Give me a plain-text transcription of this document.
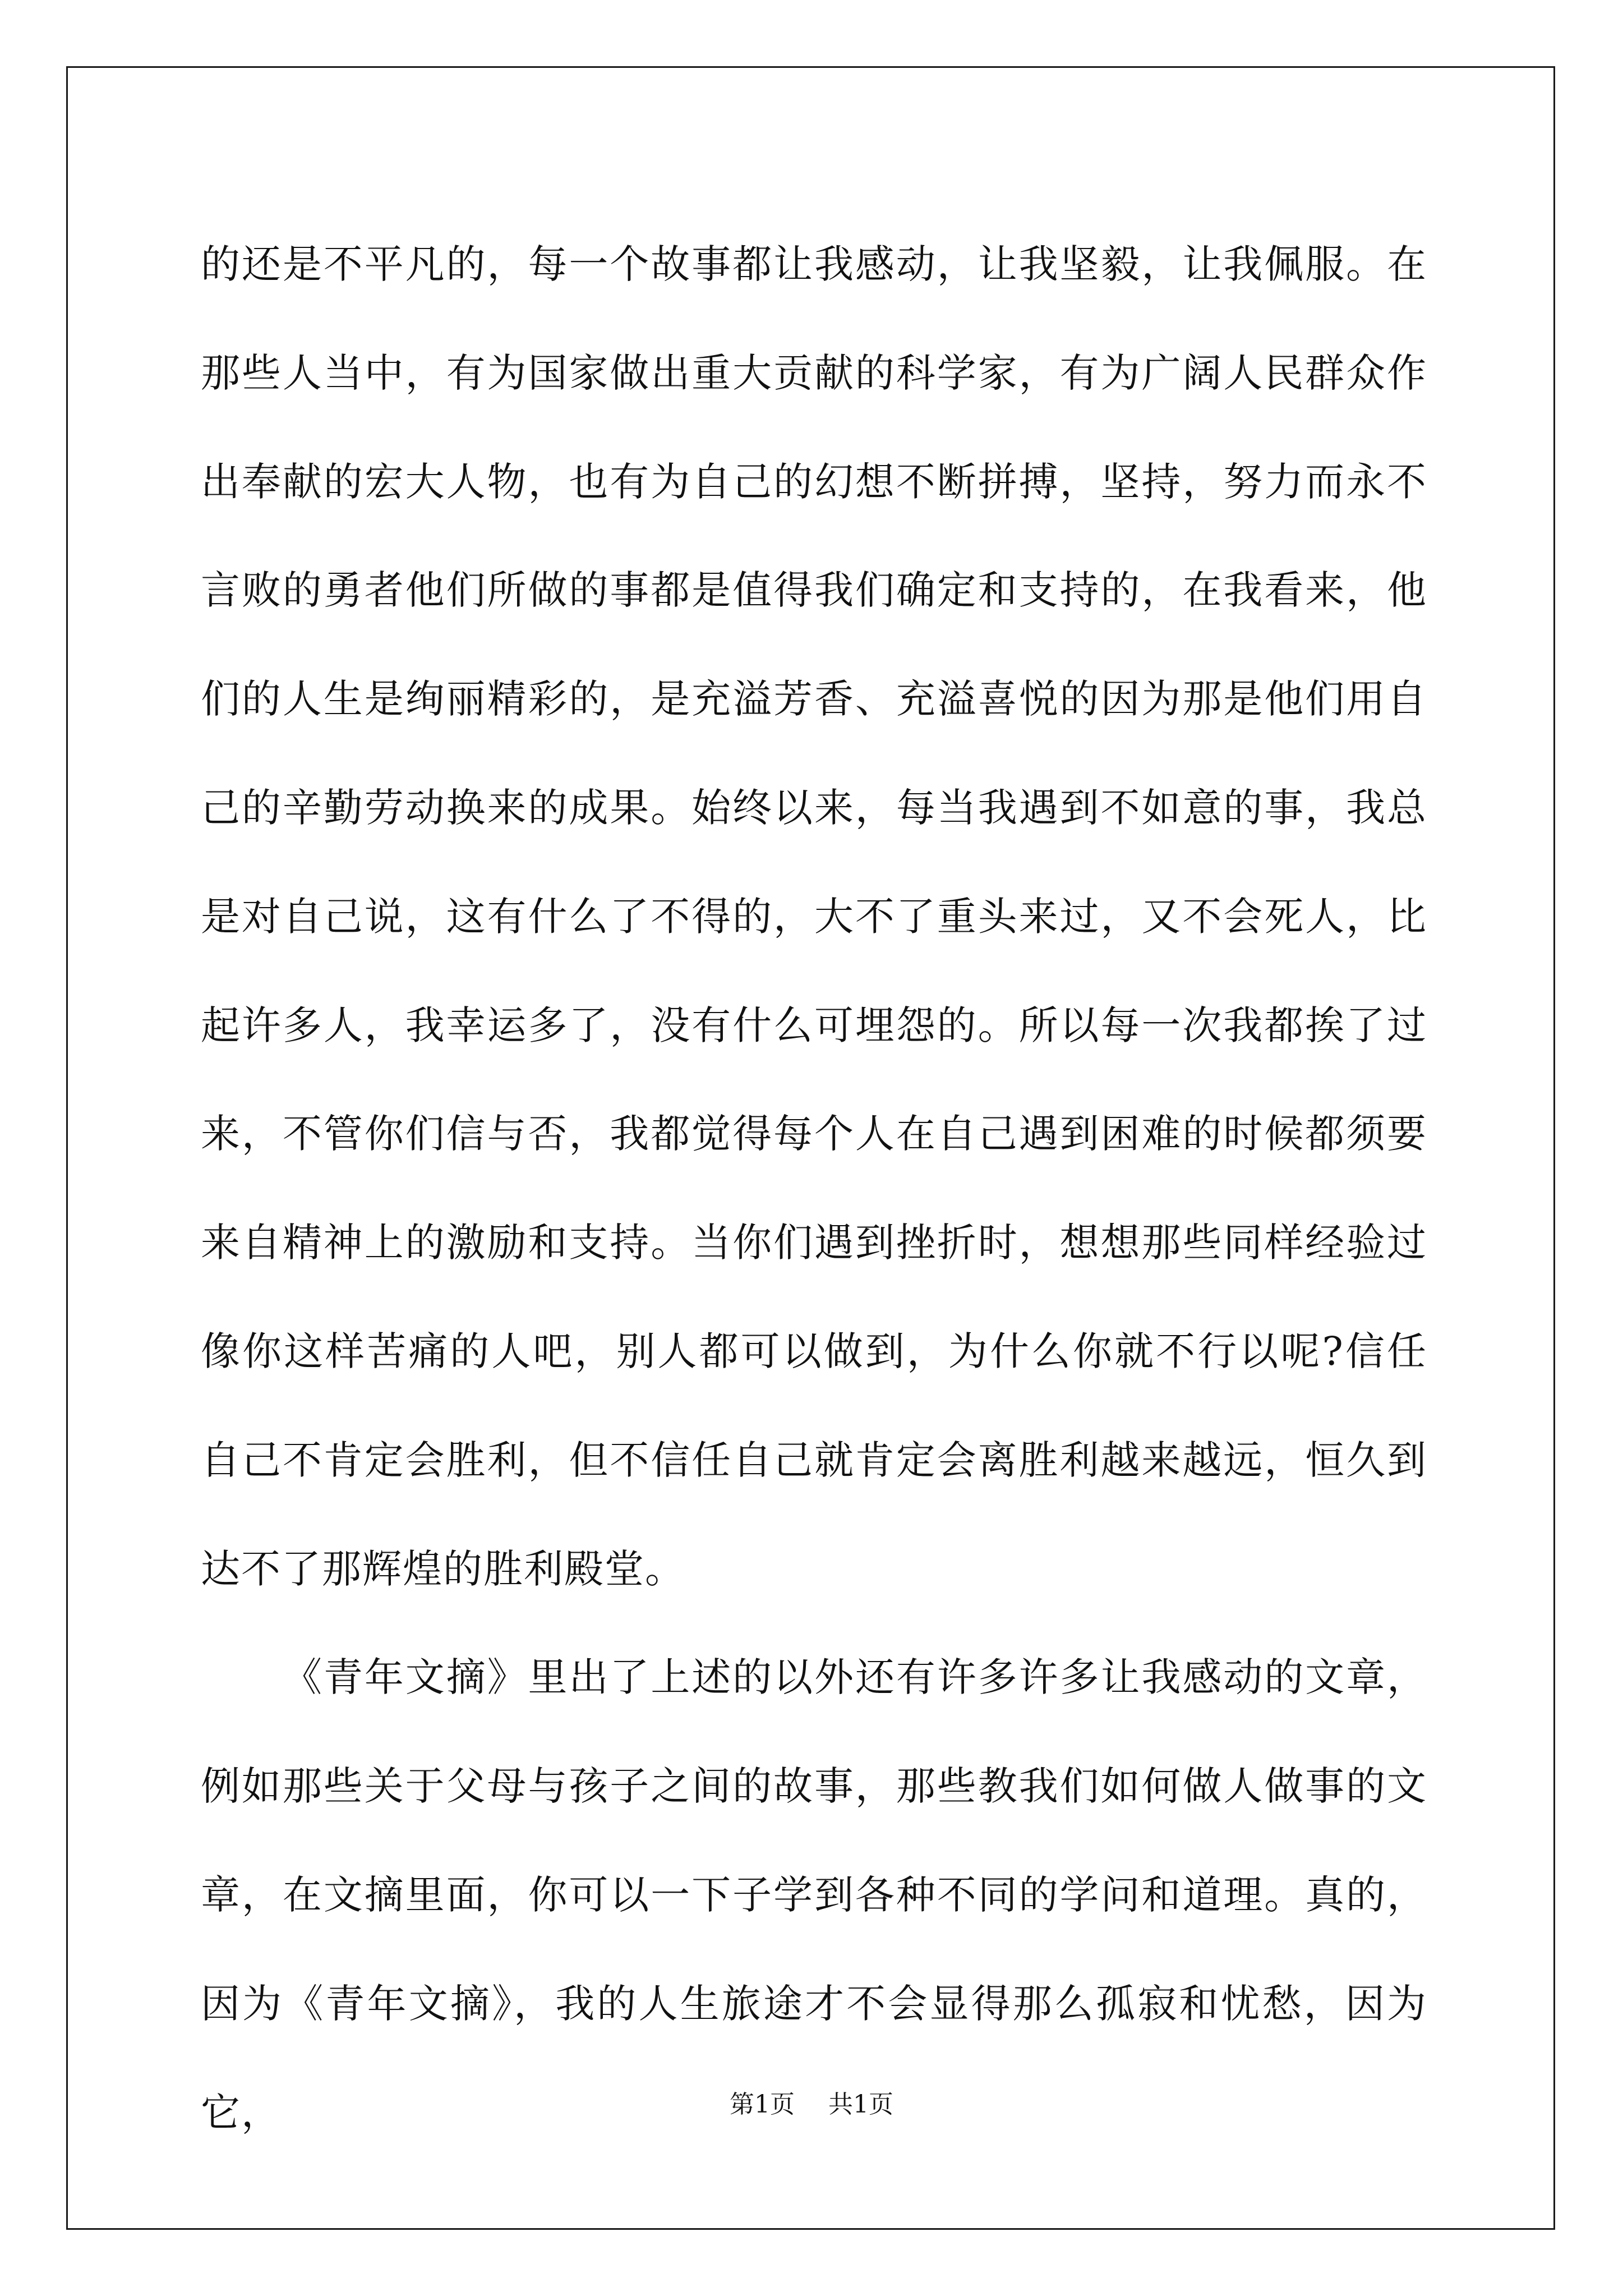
的还是不平凡的，每一个故事都让我感动，让我坚毅，让我佩服。在那些人当中，有为国家做出重大贡献的科学家，有为广阔人民群众作出奉献的宏大人物，也有为自己的幻想不断拼搏，坚持，努力而永不言败的勇者他们所做的事都是值得我们确定和支持的，在我看来，他们的人生是绚丽精彩的，是充溢芳香、充溢喜悦的因为那是他们用自己的辛勤劳动换来的成果。始终以来，每当我遇到不如意的事，我总是对自己说，这有什么了不得的，大不了重头来过，又不会死人，比起许多人，我幸运多了，没有什么可埋怨的。所以每一次我都挨了过来，不管你们信与否，我都觉得每个人在自己遇到困难的时候都须要来自精神上的激励和支持。当你们遇到挫折时，想想那些同样经验过像你这样苦痛的人吧，别人都可以做到，为什么你就不行以呢?信任自己不肯定会胜利，但不信任自己就肯定会离胜利越来越远，恒久到达不了那辉煌的胜利殿堂。

《青年文摘》里出了上述的以外还有许多许多让我感动的文章，例如那些关于父母与孩子之间的故事，那些教我们如何做人做事的文章，在文摘里面，你可以一下子学到各种不同的学问和道理。真的，因为《青年文摘》，我的人生旅途才不会显得那么孤寂和忧愁，因为它，	第1页 共1页
